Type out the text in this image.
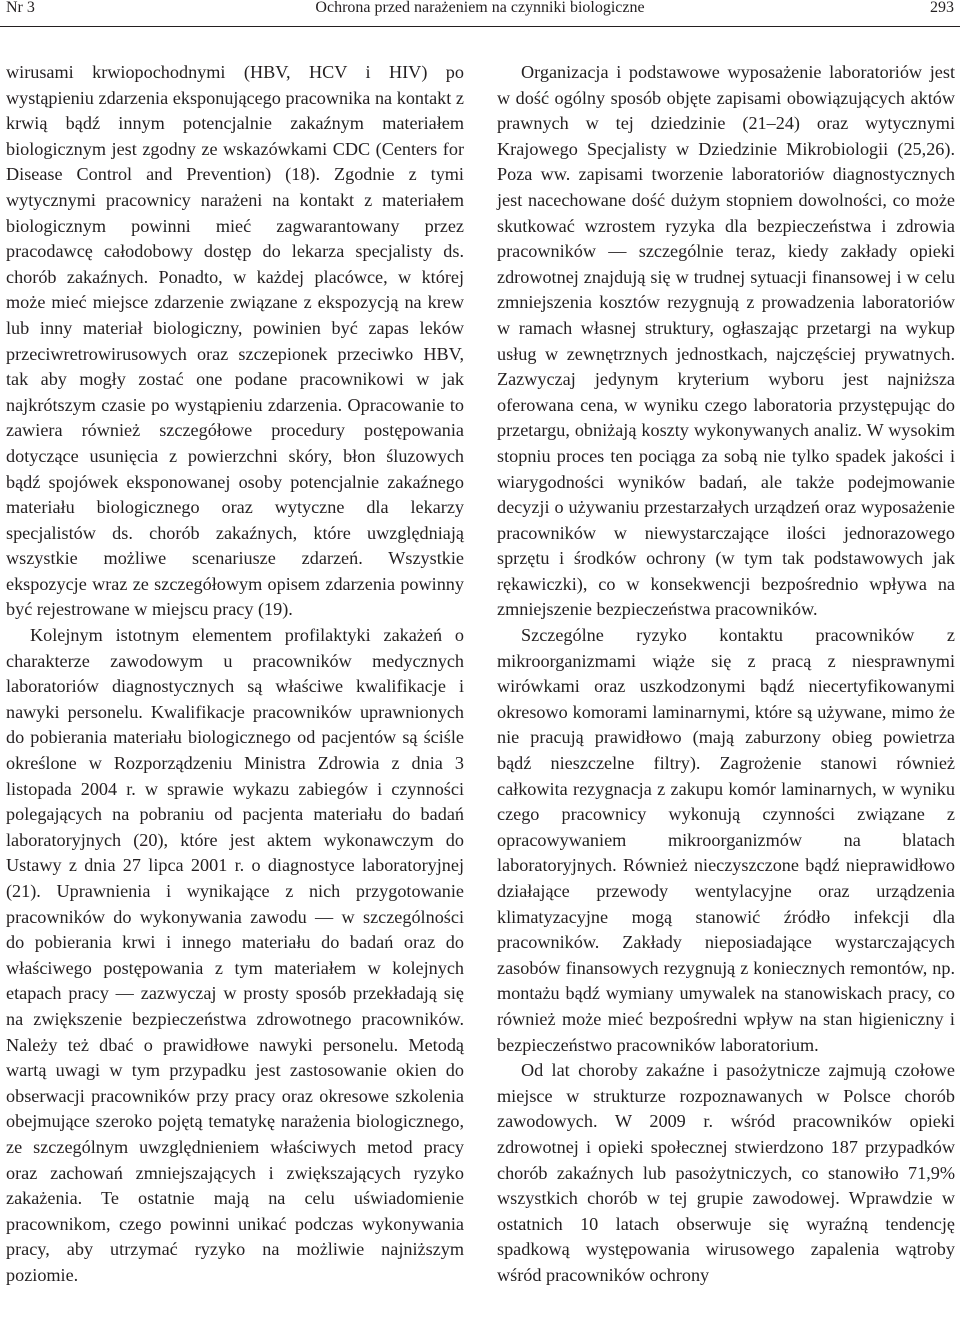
Nr 3	Ochrona przed narażeniem na czynniki biologiczne	293

wirusami krwiopochodnymi (HBV, HCV i HIV) po wystąpieniu zdarzenia eksponującego pracownika na kontakt z krwią bądź innym potencjalnie zakaźnym materiałem biologicznym jest zgodny ze wskazówkami CDC (Centers for Disease Control and Prevention) (18). Zgodnie z tymi wytycznymi pracownicy narażeni na kontakt z materiałem biologicznym powinni mieć zagwarantowany przez pracodawcę całodobowy dostęp do lekarza specjalisty ds. chorób zakaźnych. Ponadto, w każdej placówce, w której może mieć miejsce zdarzenie związane z ekspozycją na krew lub inny materiał biologiczny, powinien być zapas leków przeciwretrowirusowych oraz szczepionek przeciwko HBV, tak aby mogły zostać one podane pracownikowi w jak najkrótszym czasie po wystąpieniu zdarzenia. Opracowanie to zawiera również szczegółowe procedury postępowania dotyczące usunięcia z powierzchni skóry, błon śluzowych bądź spojówek eksponowanej osoby potencjalnie zakaźnego materiału biologicznego oraz wytyczne dla lekarzy specjalistów ds. chorób zakaźnych, które uwzględniają wszystkie możliwe scenariusze zdarzeń. Wszystkie ekspozycje wraz ze szczegółowym opisem zdarzenia powinny być rejestrowane w miejscu pracy (19).

Kolejnym istotnym elementem profilaktyki zakażeń o charakterze zawodowym u pracowników medycznych laboratoriów diagnostycznych są właściwe kwalifikacje i nawyki personelu. Kwalifikacje pracowników uprawnionych do pobierania materiału biologicznego od pacjentów są ściśle określone w Rozporządzeniu Ministra Zdrowia z dnia 3 listopada 2004 r. w sprawie wykazu zabiegów i czynności polegających na pobraniu od pacjenta materiału do badań laboratoryjnych (20), które jest aktem wykonawczym do Ustawy z dnia 27 lipca 2001 r. o diagnostyce laboratoryjnej (21). Uprawnienia i wynikające z nich przygotowanie pracowników do wykonywania zawodu — w szczególności do pobierania krwi i innego materiału do badań oraz do właściwego postępowania z tym materiałem w kolejnych etapach pracy — zazwyczaj w prosty sposób przekładają się na zwiększenie bezpieczeństwa zdrowotnego pracowników. Należy też dbać o prawidłowe nawyki personelu. Metodą wartą uwagi w tym przypadku jest zastosowanie okien do obserwacji pracowników przy pracy oraz okresowe szkolenia obejmujące szeroko pojętą tematykę narażenia biologicznego, ze szczególnym uwzględnieniem właściwych metod pracy oraz zachowań zmniejszających i zwiększających ryzyko zakażenia. Te ostatnie mają na celu uświadomienie pracownikom, czego powinni unikać podczas wykonywania pracy, aby utrzymać ryzyko na możliwie najniższym poziomie.

Organizacja i podstawowe wyposażenie laboratoriów jest w dość ogólny sposób objęte zapisami obowiązujących aktów prawnych w tej dziedzinie (21–24) oraz wytycznymi Krajowego Specjalisty w Dziedzinie Mikrobiologii (25,26). Poza ww. zapisami tworzenie laboratoriów diagnostycznych jest nacechowane dość dużym stopniem dowolności, co może skutkować wzrostem ryzyka dla bezpieczeństwa i zdrowia pracowników — szczególnie teraz, kiedy zakłady opieki zdrowotnej znajdują się w trudnej sytuacji finansowej i w celu zmniejszenia kosztów rezygnują z prowadzenia laboratoriów w ramach własnej struktury, ogłaszając przetargi na wykup usług w zewnętrznych jednostkach, najczęściej prywatnych. Zazwyczaj jedynym kryterium wyboru jest najniższa oferowana cena, w wyniku czego laboratoria przystępując do przetargu, obniżają koszty wykonywanych analiz. W wysokim stopniu proces ten pociąga za sobą nie tylko spadek jakości i wiarygodności wyników badań, ale także podejmowanie decyzji o używaniu przestarzałych urządzeń oraz wyposażenie pracowników w niewystarczające ilości jednorazowego sprzętu i środków ochrony (w tym tak podstawowych jak rękawiczki), co w konsekwencji bezpośrednio wpływa na zmniejszenie bezpieczeństwa pracowników.

Szczególne ryzyko kontaktu pracowników z mikroorganizmami wiąże się z pracą z niesprawnymi wirówkami oraz uszkodzonymi bądź niecertyfikowanymi okresowo komorami laminarnymi, które są używane, mimo że nie pracują prawidłowo (mają zaburzony obieg powietrza bądź nieszczelne filtry). Zagrożenie stanowi również całkowita rezygnacja z zakupu komór laminarnych, w wyniku czego pracownicy wykonują czynności związane z opracowywaniem mikroorganizmów na blatach laboratoryjnych. Również nieczyszczone bądź nieprawidłowo działające przewody wentylacyjne oraz urządzenia klimatyzacyjne mogą stanowić źródło infekcji dla pracowników. Zakłady nieposiadające wystarczających zasobów finansowych rezygnują z koniecznych remontów, np. montażu bądź wymiany umywalek na stanowiskach pracy, co również może mieć bezpośredni wpływ na stan higieniczny i bezpieczeństwo pracowników laboratorium.

Od lat choroby zakaźne i pasożytnicze zajmują czołowe miejsce w strukturze rozpoznawanych w Polsce chorób zawodowych. W 2009 r. wśród pracowników opieki zdrowotnej i opieki społecznej stwierdzono 187 przypadków chorób zakaźnych lub pasożytniczych, co stanowiło 71,9% wszystkich chorób w tej grupie zawodowej. Wprawdzie w ostatnich 10 latach obserwuje się wyraźną tendencję spadkową występowania wirusowego zapalenia wątroby wśród pracowników ochrony
